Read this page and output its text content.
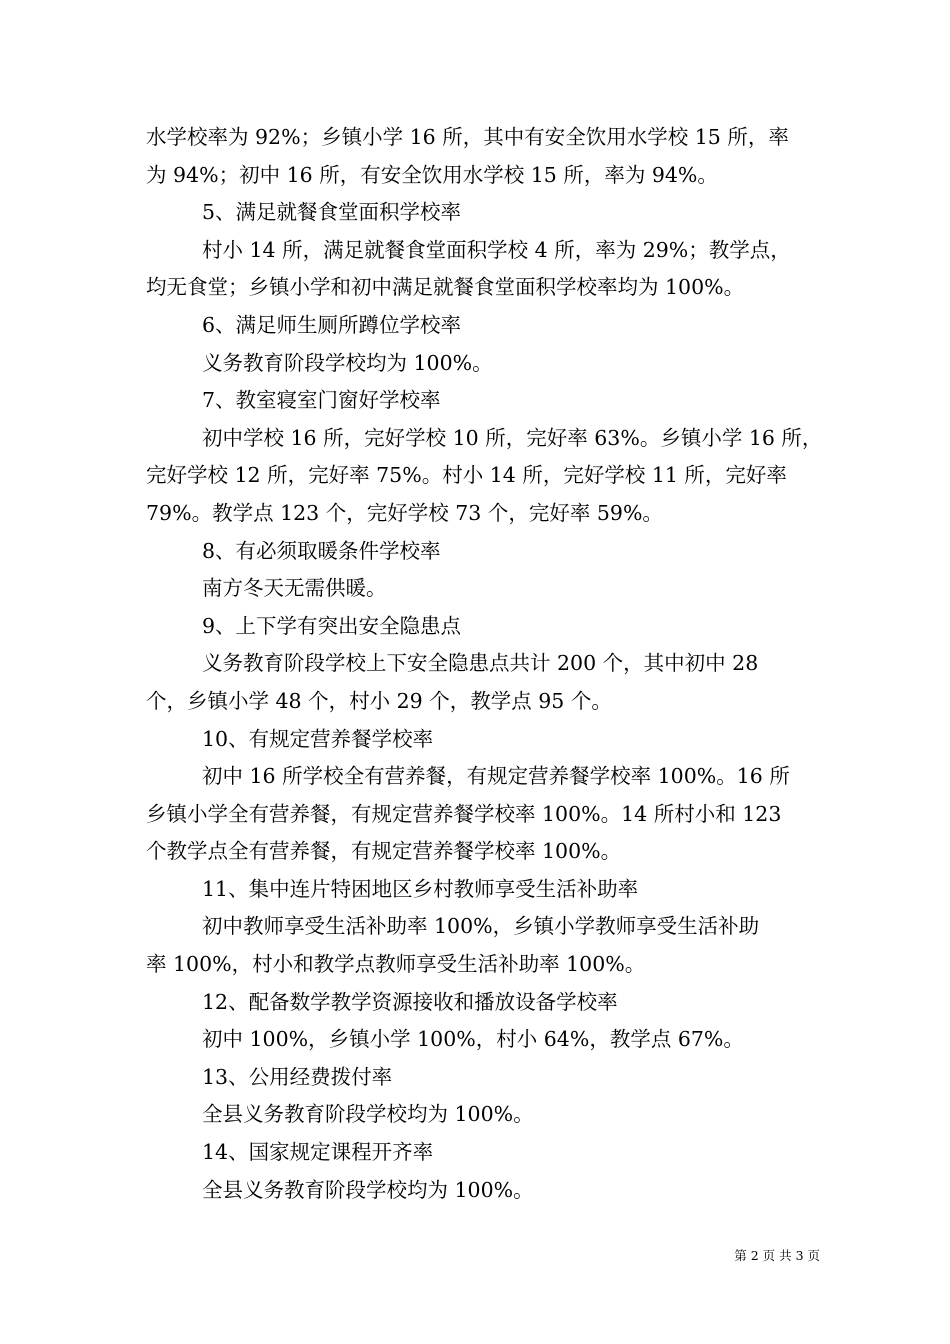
水学校率为 92%；乡镇小学 16 所，其中有安全饮用水学校 15 所，率
为 94%；初中 16 所，有安全饮用水学校 15 所，率为 94%。
5、满足就餐食堂面积学校率
村小 14 所，满足就餐食堂面积学校 4 所，率为 29%；教学点，
均无食堂；乡镇小学和初中满足就餐食堂面积学校率均为 100%。
6、满足师生厕所蹲位学校率
义务教育阶段学校均为 100%。
7、教室寝室门窗好学校率
初中学校 16 所，完好学校 10 所，完好率 63%。乡镇小学 16 所，
完好学校 12 所，完好率 75%。村小 14 所，完好学校 11 所，完好率
79%。教学点 123 个，完好学校 73 个，完好率 59%。
8、有必须取暖条件学校率
南方冬天无需供暖。
9、上下学有突出安全隐患点
义务教育阶段学校上下安全隐患点共计 200 个，其中初中 28
个，乡镇小学 48 个，村小 29 个，教学点 95 个。
10、有规定营养餐学校率
初中 16 所学校全有营养餐，有规定营养餐学校率 100%。16 所
乡镇小学全有营养餐，有规定营养餐学校率 100%。14 所村小和 123
个教学点全有营养餐，有规定营养餐学校率 100%。
11、集中连片特困地区乡村教师享受生活补助率
初中教师享受生活补助率 100%，乡镇小学教师享受生活补助
率 100%，村小和教学点教师享受生活补助率 100%。
12、配备数学教学资源接收和播放设备学校率
初中 100%，乡镇小学 100%，村小 64%，教学点 67%。
13、公用经费拨付率
全县义务教育阶段学校均为 100%。
14、国家规定课程开齐率
全县义务教育阶段学校均为 100%。
第 2 页 共 3 页
